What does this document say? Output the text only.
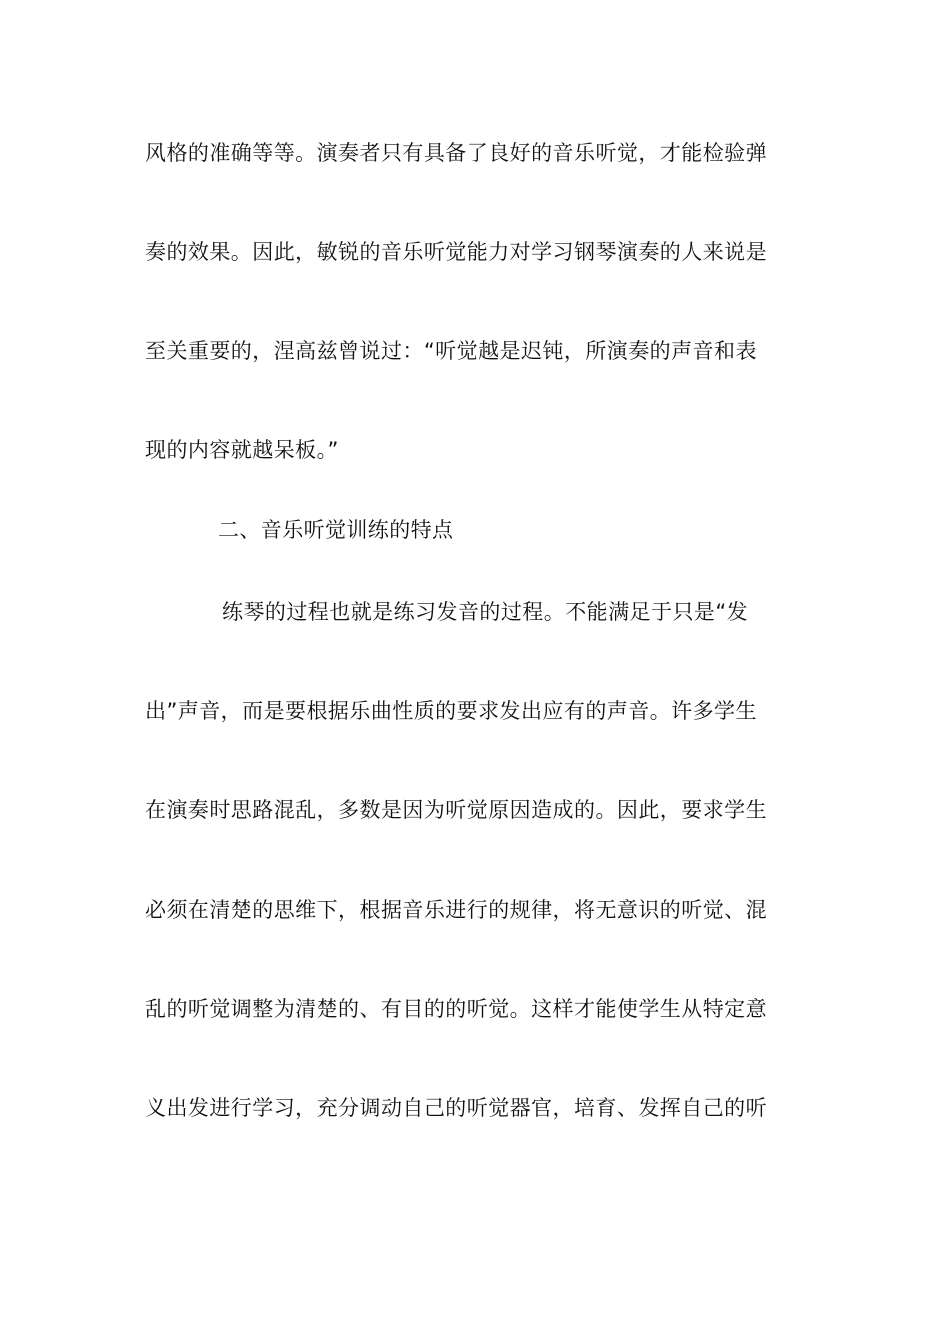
风格的准确等等。演奏者只有具备了良好的音乐听觉，才能检验弹
奏的效果。因此，敏锐的音乐听觉能力对学习钢琴演奏的人来说是
至关重要的，涅高兹曾说过：“听觉越是迟钝，所演奏的声音和表
现的内容就越呆板。”
二、音乐听觉训练的特点
练琴的过程也就是练习发音的过程。不能满足于只是“发
出”声音，而是要根据乐曲性质的要求发出应有的声音。许多学生
在演奏时思路混乱，多数是因为听觉原因造成的。因此，要求学生
必须在清楚的思维下，根据音乐进行的规律，将无意识的听觉、混
乱的听觉调整为清楚的、有目的的听觉。这样才能使学生从特定意
义出发进行学习，充分调动自己的听觉器官，培育、发挥自己的听
